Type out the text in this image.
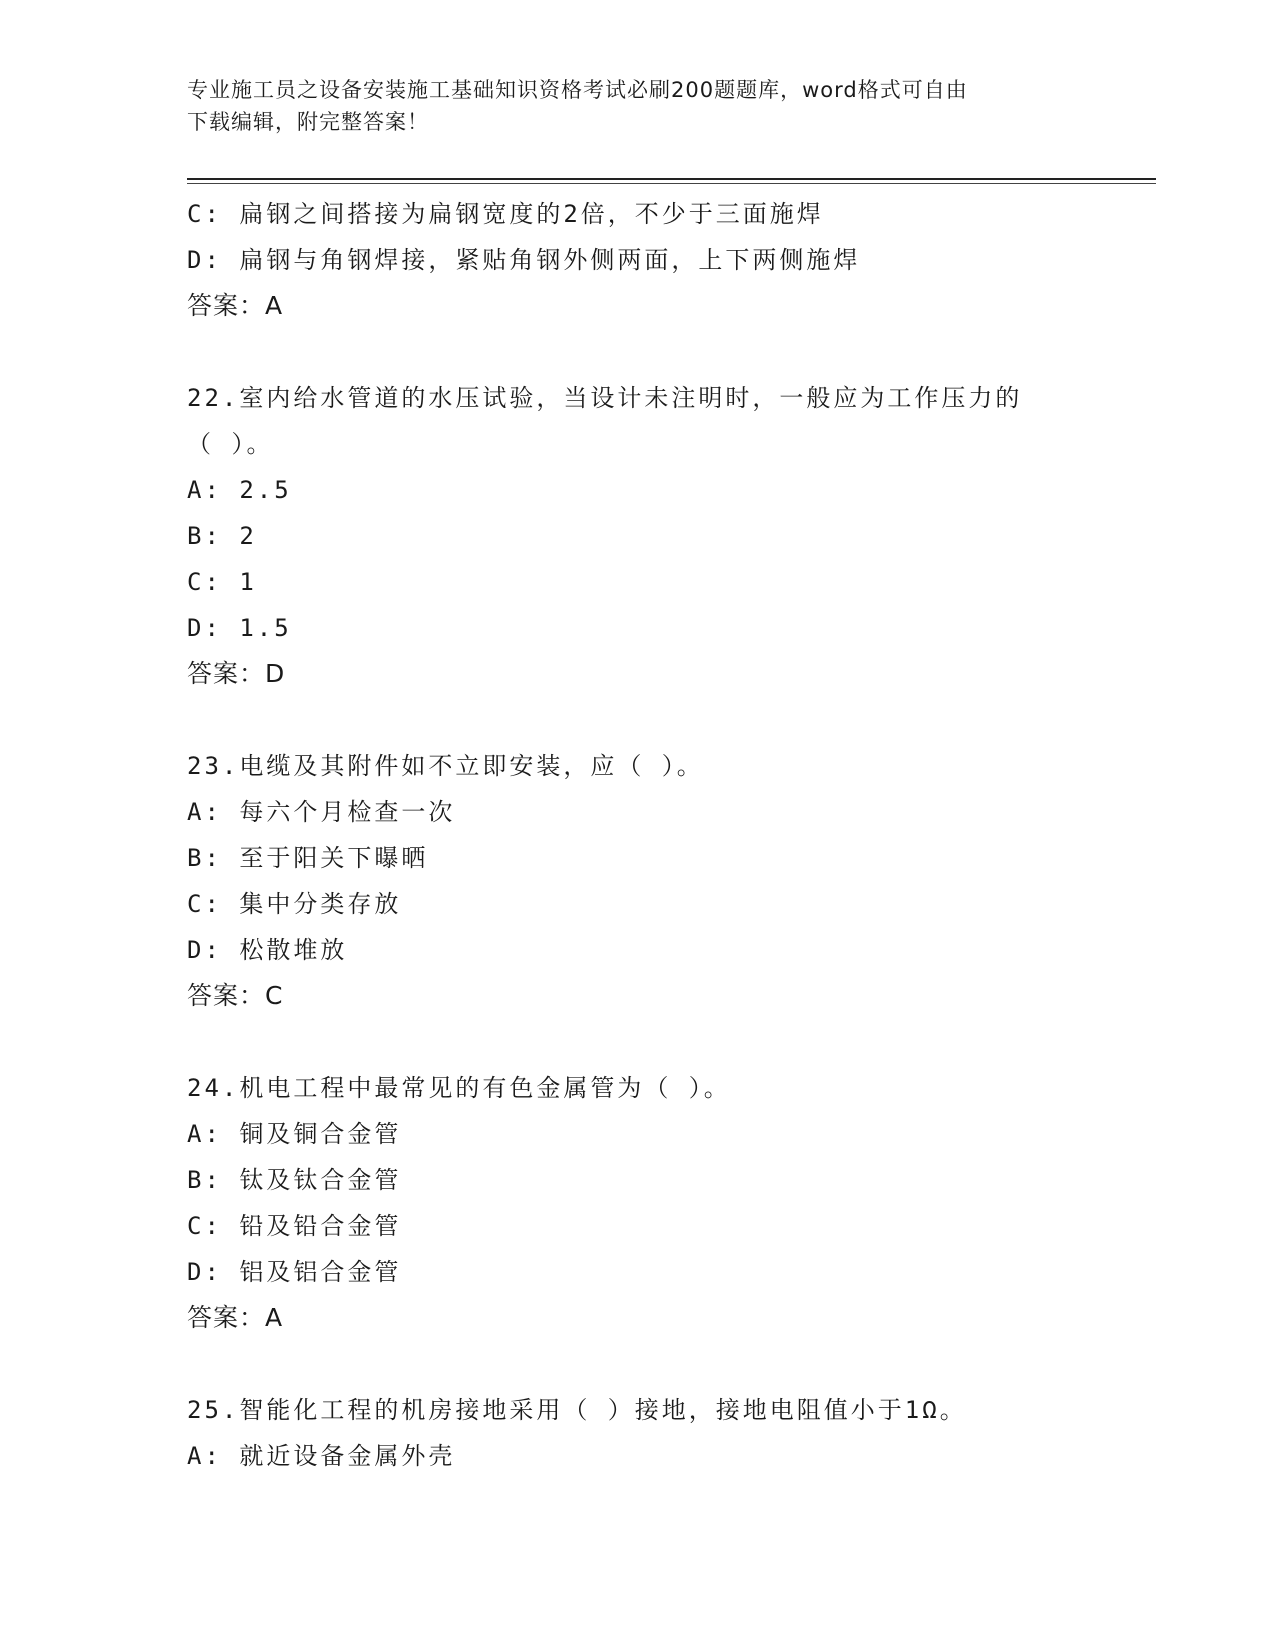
专业施工员之设备安装施工基础知识资格考试必刷200题题库，word格式可自由
下载编辑，附完整答案！
C: 扁钢之间搭接为扁钢宽度的2倍，不少于三面施焊
D: 扁钢与角钢焊接，紧贴角钢外侧两面，上下两侧施焊
答案：A
22.室内给水管道的水压试验，当设计未注明时，一般应为工作压力的
（ ）。
A: 2.5
B: 2
C: 1
D: 1.5
答案：D
23.电缆及其附件如不立即安装，应（ ）。
A: 每六个月检查一次
B: 至于阳关下曝晒
C: 集中分类存放
D: 松散堆放
答案：C
24.机电工程中最常见的有色金属管为（ ）。
A: 铜及铜合金管
B: 钛及钛合金管
C: 铅及铅合金管
D: 铝及铝合金管
答案：A
25.智能化工程的机房接地采用（ ）接地，接地电阻值小于1Ω。
A: 就近设备金属外壳
